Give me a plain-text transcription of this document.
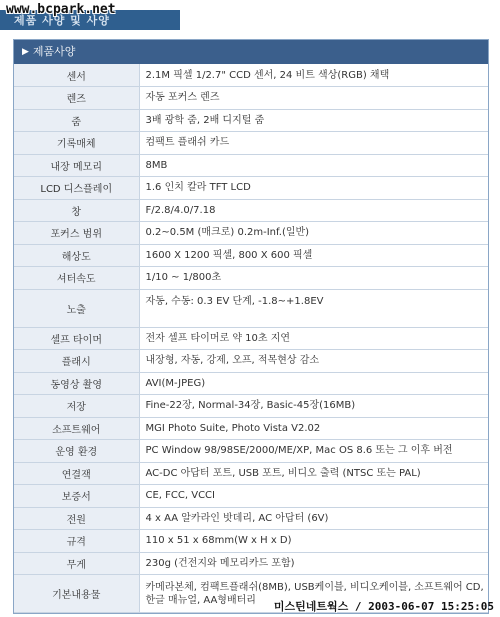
제품 사양 및 사양
www.bcpark.net
▶ 제품사양
센서	2.1M 픽셀 1/2.7" CCD 센서, 24 비트 색상(RGB) 채택
렌즈	자동 포커스 렌즈
줌	3배 광학 줌, 2배 디지털 줌
기록매체	컴팩트 플래쉬 카드
내장 메모리	8MB
LCD 디스플레이	1.6 인치 칼라 TFT LCD
창	F/2.8/4.0/7.18
포커스 범위	0.2~0.5M (매크로) 0.2m-Inf.(일반)
해상도	1600 X 1200 픽셀, 800 X 600 픽셀
셔터속도	1/10 ~ 1/800초
노출	자동, 수동: 0.3 EV 단계, -1.8~+1.8EV
셀프 타이머	전자 셀프 타이머로 약 10초 지연
플래시	내장형, 자동, 강제, 오프, 적목현상 감소
동영상 촬영	AVI(M-JPEG)
저장	Fine-22장, Normal-34장, Basic-45장(16MB)
소프트웨어	MGI Photo Suite, Photo Vista V2.02
운영 환경	PC Window 98/98SE/2000/ME/XP, Mac OS 8.6 또는 그 이후 버전
연결잭	AC-DC 아답터 포트, USB 포트, 비디오 출력 (NTSC 또는 PAL)
보증서	CE, FCC, VCCI
전원	4 x AA 알카라인 밧데리, AC 아답터 (6V)
규격	110 x 51 x 68mm(W x H x D)
무게	230g (건전지와 메모리카드 포함)
기본내용물	카메라본체, 컴팩트플래쉬(8MB), USB케이블, 비디오케이블, 소프트웨어 CD, 한글 매뉴얼, AA형배터리 미스틴네트웍스 / 2003-06-07 15:25:05
